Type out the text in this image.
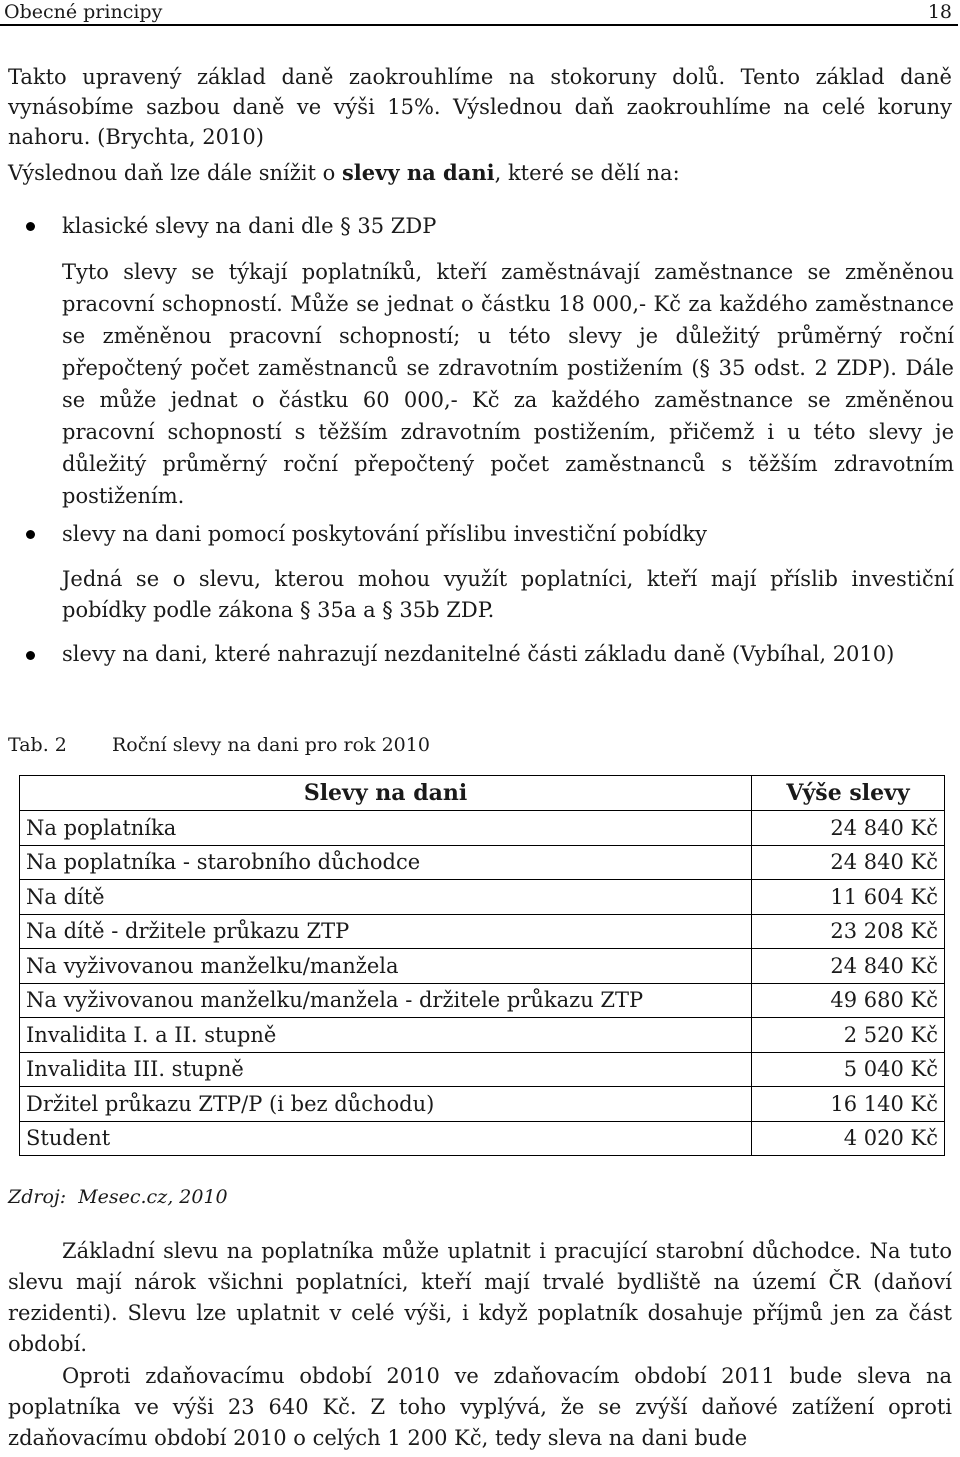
Obecné principy	18

Takto upravený základ daně zaokrouhlíme na stokoruny dolů. Tento základ daně vynásobíme sazbou daně ve výši 15%. Výslednou daň zaokrouhlíme na celé koruny nahoru. (Brychta, 2010)

Výslednou daň lze dále snížit o slevy na dani, které se dělí na:

klasické slevy na dani dle § 35 ZDP

Tyto slevy se týkají poplatníků, kteří zaměstnávají zaměstnance se změněnou pracovní schopností. Může se jednat o částku 18 000,- Kč za každého zaměstnance se změněnou pracovní schopností; u této slevy je důležitý průměrný roční přepočtený počet zaměstnanců se zdravotním postižením (§ 35 odst. 2 ZDP). Dále se může jednat o částku 60 000,- Kč za každého zaměstnance se změněnou pracovní schopností s těžším zdravotním postižením, přičemž i u této slevy je důležitý průměrný roční přepočtený počet zaměstnanců s těžším zdravotním postižením.

slevy na dani pomocí poskytování příslibu investiční pobídky

Jedná se o slevu, kterou mohou využít poplatníci, kteří mají příslib investiční pobídky podle zákona § 35a a § 35b ZDP.

slevy na dani, které nahrazují nezdanitelné části základu daně (Vybíhal, 2010)

Tab. 2 Roční slevy na dani pro rok 2010
Slevy na dani	Výše slevy
Na poplatníka	24 840 Kč
Na poplatníka - starobního důchodce	24 840 Kč
Na dítě	11 604 Kč
Na dítě - držitele průkazu ZTP	23 208 Kč
Na vyživovanou manželku/manžela	24 840 Kč
Na vyživovanou manželku/manžela - držitele průkazu ZTP	49 680 Kč
Invalidita I. a II. stupně	2 520 Kč
Invalidita III. stupně	5 040 Kč
Držitel průkazu ZTP/P (i bez důchodu)	16 140 Kč
Student	4 020 Kč
Zdroj: Mesec.cz, 2010

Základní slevu na poplatníka může uplatnit i pracující starobní důchodce. Na tuto slevu mají nárok všichni poplatníci, kteří mají trvalé bydliště na území ČR (daňoví rezidenti). Slevu lze uplatnit v celé výši, i když poplatník dosahuje příjmů jen za část období.

Oproti zdaňovacímu období 2010 ve zdaňovacím období 2011 bude sleva na poplatníka ve výši 23 640 Kč. Z toho vyplývá, že se zvýší daňové zatížení oproti zdaňovacímu období 2010 o celých 1 200 Kč, tedy sleva na dani bude
